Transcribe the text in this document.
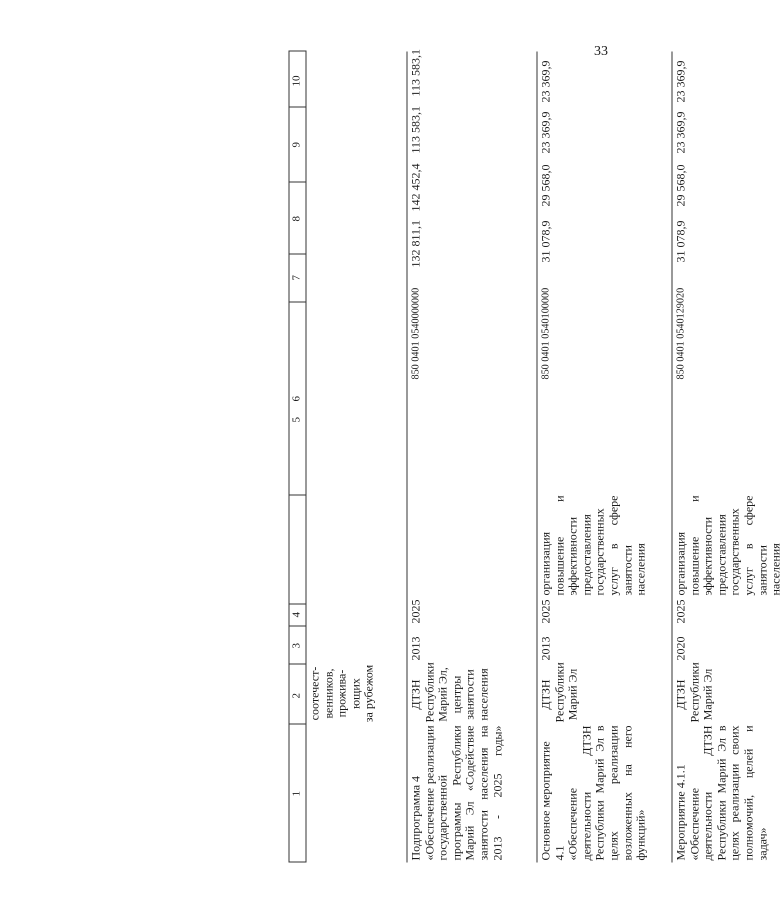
33
1
2
3
4
5
6
7
8
9
10
соотечест- венников, прожива- ющих за рубежом
Подпрограмма 4 «Обеспечение реализации государственной программы Республики Марий Эл «Содействие занятости населения на 2013 - 2025 годы»
ДТЗН Республики Марий Эл, центры занятости населения
2013
2025
850 0401 0540000000
132 811,1
142 452,4
113 583,1
113 583,1
Основное мероприятие 4.1 «Обеспечение деятельности ДТЗН Республики Марий Эл в целях реализации возложенных на него функций»
ДТЗН Республики Марий Эл
2013
2025
организация повышение и эффективности предоставления государственных услуг в сфере занятости населения
850 0401 0540100000
31 078,9
29 568,0
23 369,9
23 369,9
Мероприятие 4.1.1 «Обеспечение деятельности ДТЗН Республики Марий Эл в целях реализации своих полномочий, целей и задач»
ДТЗН Республики Марий Эл
2020
2025
организация повышение и эффективности предоставления государственных услуг в сфере занятости населения
850 0401 0540129020
31 078,9
29 568,0
23 369,9
23 369,9
